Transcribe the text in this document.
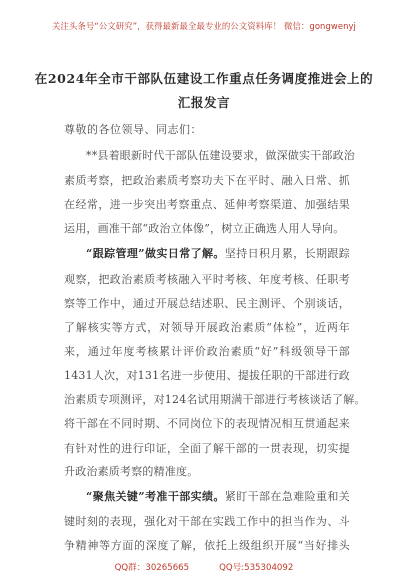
关注头条号“公文研究”，获得最新最全最专业的公文资料库！ 微信：gongwenyj
在2024年全市干部队伍建设工作重点任务调度推进会上的
汇报发言
尊敬的各位领导、同志们：
**县着眼新时代干部队伍建设要求，做深做实干部政治
素质考察，把政治素质考察功夫下在平时、融入日常、抓
在经常，进一步突出考察重点、延伸考察渠道、加强结果
运用，画准干部“政治立体像”，树立正确选人用人导向。
“跟踪管理”做实日常了解。坚持日积月累，长期跟踪
观察，把政治素质考核融入平时考核、年度考核、任职考
察等工作中，通过开展总结述职、民主测评、个别谈话，
了解核实等方式，对领导开展政治素质“体检”，近两年
来，通过年度考核累计评价政治素质“好”科级领导干部
1431人次，对131名进一步使用、提拔任职的干部进行政
治素质专项测评，对124名试用期满干部进行考核谈话了解。
将干部在不同时期、不同岗位下的表现情况相互贯通起来
有针对性的进行印证，全面了解干部的一贯表现，切实提
升政治素质考察的精准度。
“聚焦关键”考准干部实绩。紧盯干部在急难险重和关
键时刻的表现，强化对干部在实践工作中的担当作为、斗
争精神等方面的深度了解，依托上级组织开展“当好排头
QQ群：30265665	QQ号:535304092
